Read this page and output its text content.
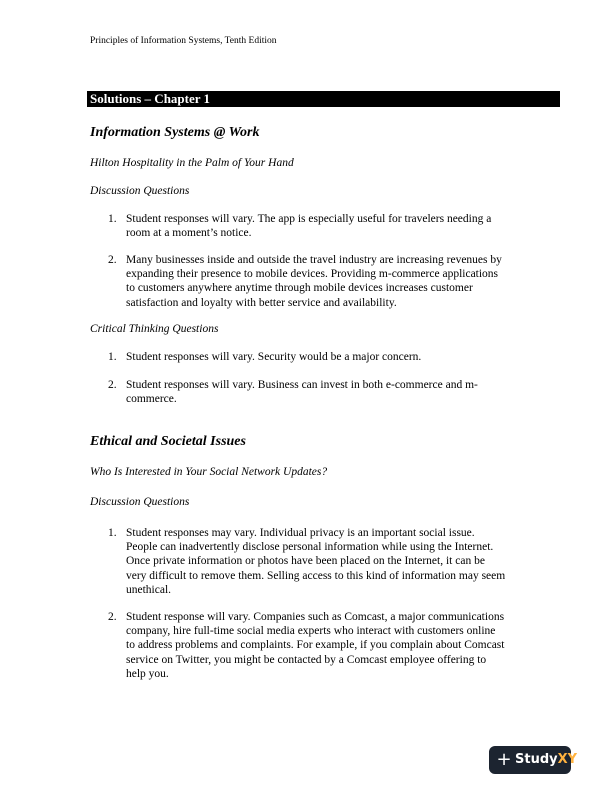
Principles of Information Systems, Tenth Edition
Solutions – Chapter 1
Information Systems @ Work
Hilton Hospitality in the Palm of Your Hand
Discussion Questions
1. Student responses will vary. The app is especially useful for travelers needing a
room at a moment’s notice.
2. Many businesses inside and outside the travel industry are increasing revenues by
expanding their presence to mobile devices. Providing m-commerce applications
to customers anywhere anytime through mobile devices increases customer
satisfaction and loyalty with better service and availability.
Critical Thinking Questions
1. Student responses will vary. Security would be a major concern.
2. Student responses will vary. Business can invest in both e-commerce and m-
commerce.
Ethical and Societal Issues
Who Is Interested in Your Social Network Updates?
Discussion Questions
1. Student responses may vary. Individual privacy is an important social issue.
People can inadvertently disclose personal information while using the Internet.
Once private information or photos have been placed on the Internet, it can be
very difficult to remove them. Selling access to this kind of information may seem
unethical.
2. Student response will vary. Companies such as Comcast, a major communications
company, hire full-time social media experts who interact with customers online
to address problems and complaints. For example, if you complain about Comcast
service on Twitter, you might be contacted by a Comcast employee offering to
help you.
+ StudyXY
